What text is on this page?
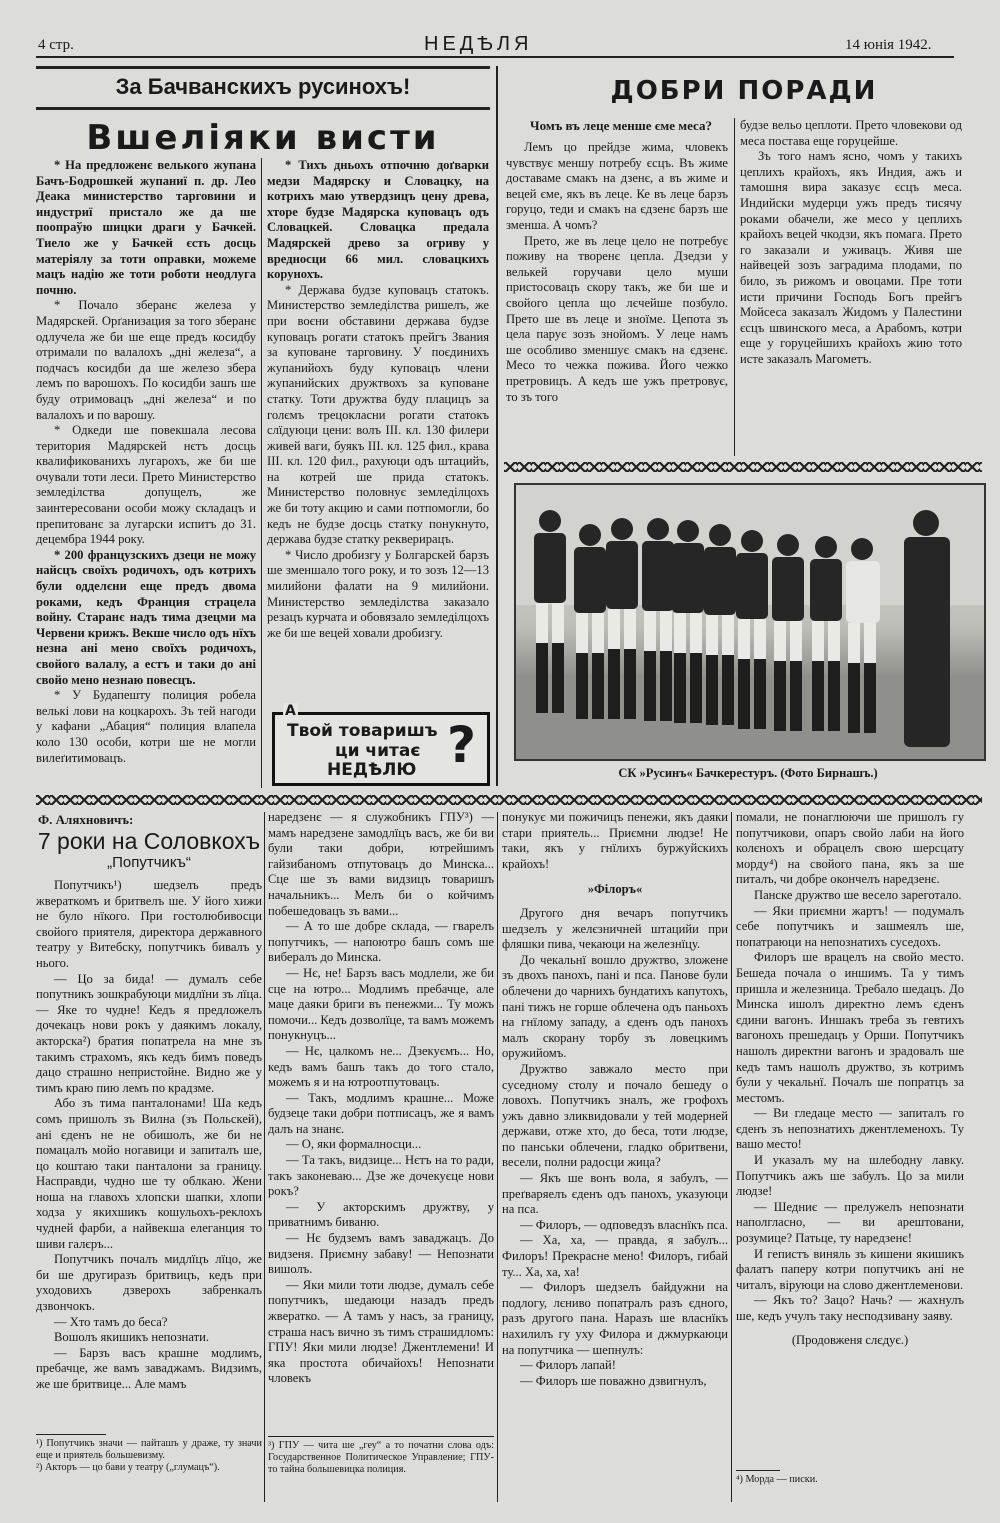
4 стр.	НЕДѢЛЯ	14 юнія 1942.
За Бачванскихъ русинохъ!
Вшеліяки висти

* На предложенє велького жупана Бачъ-Бодрошкей жупаниї п. др. Лео Деака министерство тарговини и индустриї пристало же да ше поопраўю шицки драги у Бачкей. Тиело же у Бачкей єсть досць матеріялу за тоти оправки, можеме мацъ надію же тоти роботи неодлуга почню.

* Почало зберанє железа у Мадярскей. Орґанизация за того зберанє одлучела же би ше еще предъ косидбу отримали по валалохъ „дні железа“, а подчасъ косидби да ше железо збера лемъ по варошохъ. По косидби зашъ ше буду отримовацъ „дні железа“ и по валалохъ и по варошу.

* Одкеди ше повекшала лесова територия Мадярскей нєтъ досць квалификованихъ лугарохъ, же би ше очували тоти леси. Прето Министерство земледілства допущелъ, же заинтересовани особи можу складацъ и препитованє за лугарски испитъ до 31. децембра 1944 року.

* 200 французскихъ дзеци не можу найсцъ своїхъ родичохъ, одъ котрихъ були одделєни еще предъ двома роками, кедъ Франция страцела войну. Старанє надъ тима дзецми ма Червени крижъ. Векше число одъ нїхъ незна ані мено своїхъ родичохъ, свойого валалу, а естъ и таки до ані свойо мено незнаю повесцъ.

* У Будапешту полиция робела велькі лови на коцкарохъ. Зъ тей нагоди у кафани „Абация“ полиция влапела коло 130 особи, котри ше не могли вилеґитимовацъ.

* Тихъ дньохъ отпочню доґварки медзи Мадярску и Словацку, на котрихъ маю утвердзицъ цену древа, хторе будзе Мадярска куповацъ одъ Словацкей. Словацка предала Мадярскей древо за огриву у вредносци 66 мил. словацкихъ корунохъ.

* Держава будзе куповацъ статокъ. Министерство земледілства ришелъ, же при воєни обставини держава будзе куповацъ рогати статокъ прейгъ Звания за куповане тарговину. У поєдинихъ жупанийохъ буду куповацъ члени жупанийских дружтвохъ за куповане статку. Тоти дружтва буду плацицъ за голємъ трецоклaсни рогати статокъ слїдуюци цени: волъ ІІІ. кл. 130 филери живей ваги, буякъ ІІІ. кл. 125 фил., крава ІІІ. кл. 120 фил., рахуюци одъ штацийъ, на котрей ше прида статокъ. Министерство половнує земледілцохъ же би тоту акцию и сами потпомогли, бо кедъ не будзе досць статку понукнуто, держава будзе статку реквериpaцъ.

* Число дробизгу у Болгарскей барзъ ше зменшало того року, и то зозъ 12—13 милийони фалати на 9 милийони. Министерство земледілства заказало резацъ курчата и обовязало земледілцохъ же би ше вецей ховали дробизгу.

А
Твой товаришъ
ци читає
НЕДѢЛЮ ?
ДОБРИ ПОРАДИ
Чомъ въ леце менше єме меса?

Лемъ цо прейдзе жима, чловекъ чувствує меншу потребу єсцъ. Въ жиме доставаме смакъ на дзенє, а въ жиме и вецей єме, якъ въ леце. Ке въ леце барзъ горуцо, теди и смакъ на єдзенє барзъ ше зменша. А чомъ?

Прето, же въ леце цело не потребує поживу на творенє цепла. Дзедзи у велькей горучави цело муши пристосовацъ скору такъ, же би ше и свойого цепла що лєчейше позбуло. Прето ше въ леце и зноїме. Цепота зъ цела парує зозъ знойомъ. У леце намъ ше особливо зменшує смакъ на єдзенє. Месо то чежка пожива. Його чежко претровицъ. А кедъ ше ужъ претровує, то зъ того

будзе вельо цеплоти. Прето чловекови од меса постава еще горуцейше.

Зъ того намъ ясно, чомъ у такихъ цеплихъ крайохъ, якъ Индия, ажъ и тамошня вира заказує єсцъ меса. Индийски мудерци ужъ предъ тисячу роками обачели, же месо у цеплихъ крайохъ вецей чкодзи, якъ помага. Прето го заказали и уживацъ. Живя ше найвецей зозъ заградима плодами, по било, зъ рижомъ и овоцами. Пре тоти исти причини Господь Богъ прейгъ Мойсеса заказалъ Жидомъ у Палестини єсцъ швинского меса, а Арабомъ, котри еще у горуцейшихъ крайохъ жию тото исте заказалъ Магометъ.

СК »Русинъ« Бачкерестуръ. (Фото Бирнашъ.)
Ф. Аляхновичъ:
7 роки на Соловкохъ
„Попутчикъ“

Попутчикъ¹) шедзелъ предъ жвераткомъ и бритвелъ ше. У його хижи не було нїкого. При гостолюбивосци свойого приятеля, директора державного театру у Витебску, попутчикъ бивалъ у нього.

— Цо за бида! — думалъ себе попутникъ зошкрабуюци мидлїни зъ лїца. — Яке то чудне! Кедъ я предложелъ дочекацъ нови рокъ у даякимъ локалу, акторска²) братия попатрела на мне зъ такимъ страхомъ, якъ кедъ бимъ поведъ дацо страшно непристойне. Видно же у тимъ краю пию лемъ по крадзме.

Або зъ тима панталонами! Ша кедъ сомъ пришолъ зъ Вилна (зъ Польскей), ані єденъ не не обишолъ, же би не помацалъ мойо ногавици и запиталъ ше, цо коштаю таки панталони за границу. Наспрaвди, чудно ше ту облкаю. Жени ноша на главохъ хлопски шапки, хлопи ходза у якихшикъ кошульохъ-реклохъ чудней фарби, а найвекша елеганция то шиви галєръ...

Попутчикъ почалъ мидлїцъ лїцо, же би ше другиразъ бритвицъ, кедъ при уходовихъ дзверохъ забрeнкалъ дзвончокъ.

— Хто тамъ до беса?

Вошолъ якишикъ непознати.

— Барзъ васъ крашне модлимъ, пребачце, же вамъ заваджамъ. Видзимъ, же ше бритвице... Але мамъ

¹) Попутчикъ значи — пайташъ у драже, ту значи еще и приятель большевизму.

²) Акторъ — цо бави у театру („глумацъ“).

нарeдзенє — я служобникъ ГПУ³) — мамъ нарeдзене замодлїцъ васъ, же би ви були таки добри, ютрейшимъ гайзибаномъ отпутовацъ до Минска... Сце ше зъ вами видзицъ товаришъ начальникъ... Мелъ би о койчимъ побешедовацъ зъ вами...

— А то ше добре склада, — гварелъ попутчикъ, — напоютро башъ сомъ ше вибералъ до Минска.

— Нє, не! Барзъ васъ модлели, же би сце на ютро... Модлимъ пребачце, але маце даяки бриги въ пенежми... Ту можъ помочи... Кедъ дозволїце, та вамъ можемъ понукнуцъ...

— Нє, цалкомъ не... Дзекуємъ... Но, кедъ вамъ башъ такъ до того стало, можемъ я и на ютроотпутовацъ.

— Такъ, модлимъ крашне... Можe будзеце таки добри потписацъ, же я вамъ далъ на знанє.

— О, яки формалносци...

— Та такъ, видзице... Нєтъ на то ради, такъ законеваю... Дзе же дочекуєце нови рокъ?

— У акторскимъ дружтву, у приватнимъ биваню.

— Нє будземъ вамъ заваджацъ. До видзеня. Приємну забаву! — Непознати вишолъ.

— Яки мили тоти людзе, думалъ себе попутчикъ, шедаюци назадъ предъ жвератко. — А тамъ у насъ, за границу, страша насъ вично зъ тимъ страшидломъ: ГПУ! Яки мили людзе! Джентлемени! И яка простота обичайохъ! Непознати чловекъ

³) ГПУ — чита ше „геу“ а то початни слова одъ: Государственное Политическое Управление; ГПУ-то тайна большевицка полиция.

понукує ми пожичицъ пенeжи, якъ даяки стари приятель... Приємни людзе! Не таки, якъ у гнїлихъ буржуйскихъ крайохъ!

»Філоръ«

Другого дня вечаръ попутчикъ шедзелъ у желєзничней штацийи при фляшки пива, чекаюци на железнїцу.

До чекальнї вошло дружтво, зложене зъ двохъ панохъ, пані и пса. Панове були облечени до чарнихъ бундатихъ капутохъ, пані тижъ не горше облечена одъ паньохъ на гнїлому западу, а єденъ одъ панохъ малъ скорану торбу зъ ловецкимъ оружийомъ.

Дружтво завжало место при суседному столу и почало бешеду о ловохъ. Попутчикъ зналъ, же грофохъ ужъ давно зликвидовали у тей модерней держави, отже хто, до беса, тоти людзе, по панськи облечени, гладко обритвени, весели, полни радосци жица?

— Якъ ше вонъ вола, я забулъ, — преґваряелъ єденъ одъ панохъ, указуюци на пса.

— Филоръ, — одповедзъ власнїкъ пса.

— Ха, ха, — правда, я забулъ... Филоръ! Прекрасне мено! Филоръ, гибай ту... Ха, ха, ха!

— Филоръ шедзелъ байдужни на подлогу, лєниво попатралъ разъ єдного, разъ другого пана. Наразъ ше власнїкъ нахилилъ гу уху Филора и джмуркаюци на попутчика — шепнулъ:

— Филоръ лапай!

— Филоръ ше поважно дзвигнулъ,

помали, не понаглюючи ше пришолъ гу попутчикови, опаръ свойо лаби на його колєнохъ и обрацелъ свою шерсцату морду⁴) на свойого пана, якъ за ше питалъ, чи добре окончелъ нарeдзенє.

Панске дружтво ше весело зареготало.

— Яки приємни жартъ! — подумалъ себе попутчикъ и зашмеялъ ше, попатраюци на непознатихъ суседохъ.

Филоръ ше врацелъ на свойо место. Бешеда почала о иншимъ. Та у тимъ пришла и железница. Требало шедацъ. До Минска ишолъ директно лемъ єденъ єдини вагонъ. Иншакъ треба зъ гевтихъ вагонохъ прешедацъ у Орши. Попутчикъ нашолъ директни вагонъ и зрадовалъ ше кедъ тамъ нашолъ дружтво, зъ котримъ були у чекальнї. Почалъ ше попратцъ за местомъ.

— Ви гледаце место — запиталъ го єденъ зъ непознатихъ джентлеменохъ. Ту вашо место!

И указалъ му на шлебодну лавку. Попутчикъ ажъ ше забулъ. Цо за мили людзе!

— Шедниє — прелужелъ непознати наполгласно, — ви арештовани, розумице? Патьце, ту нарeдзенє!

И гепистъ виняль зъ кишени якишикъ фалатъ паперу котри попутчикъ ані не читалъ, віруюци на слово джентлеменови.

— Якъ то? Зацо? Начь? — жахнулъ ше, кедъ учулъ таку несподзивану заяву.

(Продовженя слєдує.)

⁴) Морда — писки.
